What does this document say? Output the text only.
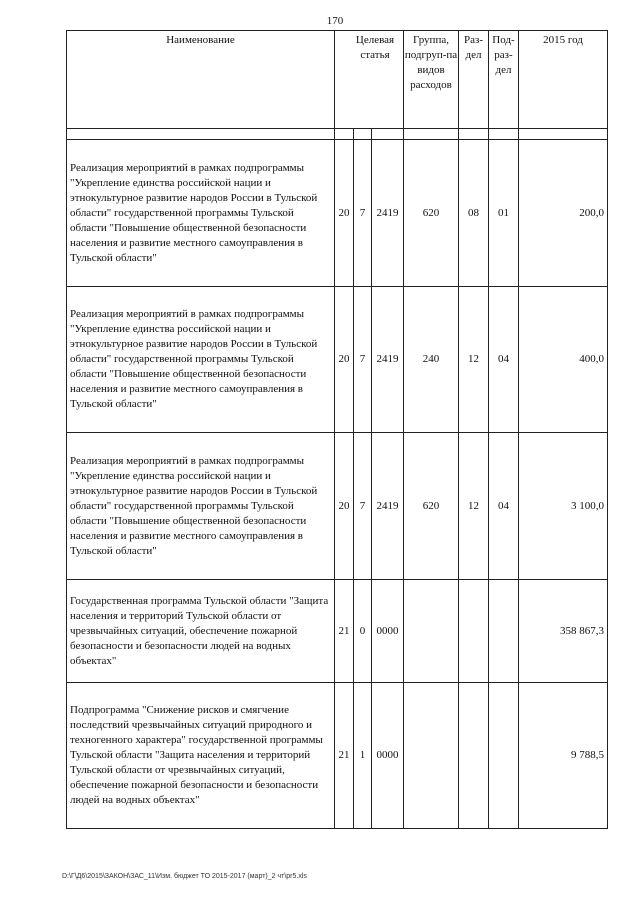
170
Наименование	Целевая статья			Группа, подгруп-па видов расходов	Раз-дел	Под-раз-дел	2015 год

Реализация мероприятий в рамках подпрограммы "Укрепление единства российской нации и этнокультурное развитие народов России в Тульской области" государственной программы Тульской области "Повышение общественной безопасности населения и развитие местного самоуправления в Тульской области"	20	7	2419	620	08	01	200,0
Реализация мероприятий в рамках подпрограммы "Укрепление единства российской нации и этнокультурное развитие народов России в Тульской области" государственной программы Тульской области "Повышение общественной безопасности населения и развитие местного самоуправления в Тульской области"	20	7	2419	240	12	04	400,0
Реализация мероприятий в рамках подпрограммы "Укрепление единства российской нации и этнокультурное развитие народов России в Тульской области" государственной программы Тульской области "Повышение общественной безопасности населения и развитие местного самоуправления в Тульской области"	20	7	2419	620	12	04	3 100,0
Государственная программа Тульской области "Защита населения и территорий Тульской области от чрезвычайных ситуаций, обеспечение пожарной безопасности и безопасности людей на водных объектах"	21	0	0000				358 867,3
Подпрограмма "Снижение рисков и смягчение последствий чрезвычайных ситуаций природного и техногенного характера" государственной программы Тульской области "Защита населения и территорий Тульской области от чрезвычайных ситуаций, обеспечение пожарной безопасности и безопасности людей на водных объектах"	21	1	0000				9 788,5
D:\Г\Д6\2015\ЗАКОН\ЗАС_11\Изм. бюджет ТО 2015-2017 (март)_2 чт\pr5.xls
